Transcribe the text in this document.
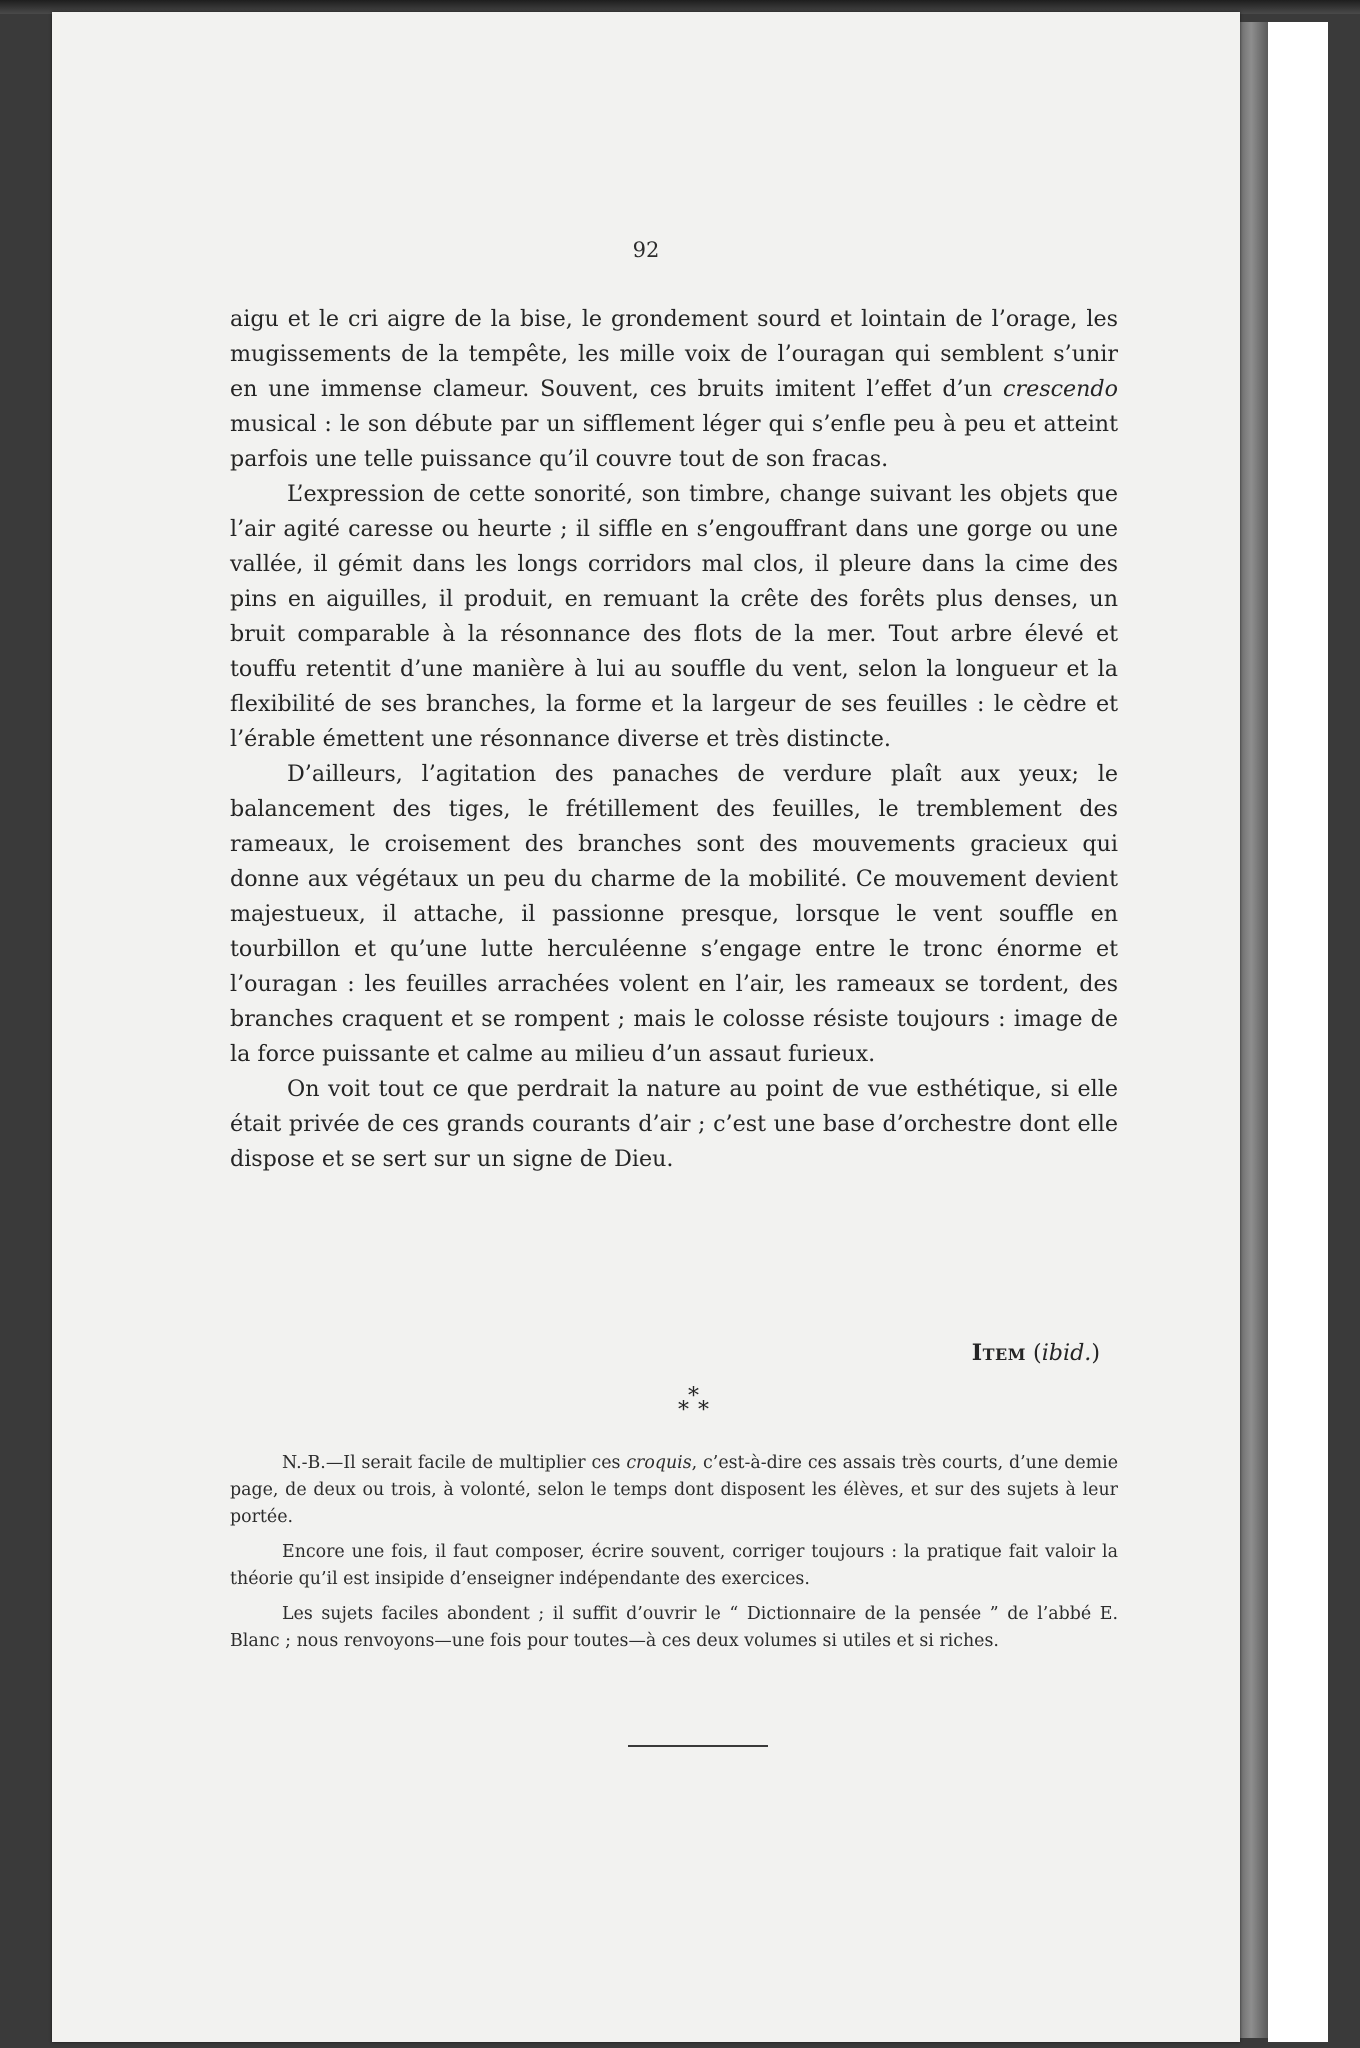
92

aigu et le cri aigre de la bise, le grondement sourd et lointain de l’orage, les mugissements de la tempête, les mille voix de l’ouragan qui semblent s’unir en une immense clameur. Souvent, ces bruits imitent l’effet d’un crescendo musical : le son débute par un sifflement léger qui s’enfle peu à peu et atteint parfois une telle puissance qu’il couvre tout de son fracas.

L’expression de cette sonorité, son timbre, change suivant les objets que l’air agité caresse ou heurte ; il siffle en s’engouffrant dans une gorge ou une vallée, il gémit dans les longs corridors mal clos, il pleure dans la cime des pins en aiguilles, il produit, en remuant la crête des forêts plus denses, un bruit comparable à la résonnance des flots de la mer. Tout arbre élevé et touffu retentit d’une manière à lui au souffle du vent, selon la longueur et la flexibilité de ses branches, la forme et la largeur de ses feuilles : le cèdre et l’érable émettent une résonnance diverse et très distincte.

D’ailleurs, l’agitation des panaches de verdure plaît aux yeux; le balancement des tiges, le frétillement des feuilles, le tremblement des rameaux, le croisement des branches sont des mouvements gracieux qui donne aux végétaux un peu du charme de la mobilité. Ce mouvement devient majestueux, il attache, il passionne presque, lorsque le vent souffle en tourbillon et qu’une lutte herculéenne s’engage entre le tronc énorme et l’ouragan : les feuilles arrachées volent en l’air, les rameaux se tordent, des branches craquent et se rompent ; mais le colosse résiste toujours : image de la force puissante et calme au milieu d’un assaut furieux.

On voit tout ce que perdrait la nature au point de vue esthétique, si elle était privée de ces grands courants d’air ; c’est une base d’orchestre dont elle dispose et se sert sur un signe de Dieu.

Item (ibid.)
*
* *

N.-B.—Il serait facile de multiplier ces croquis, c’est-à-dire ces assais très courts, d’une demie page, de deux ou trois, à volonté, selon le temps dont disposent les élèves, et sur des sujets à leur portée.

Encore une fois, il faut composer, écrire souvent, corriger toujours : la pratique fait valoir la théorie qu’il est insipide d’enseigner indépendante des exercices.

Les sujets faciles abondent ; il suffit d’ouvrir le “ Dictionnaire de la pensée ” de l’abbé E. Blanc ; nous renvoyons—une fois pour toutes—à ces deux volumes si utiles et si riches.
